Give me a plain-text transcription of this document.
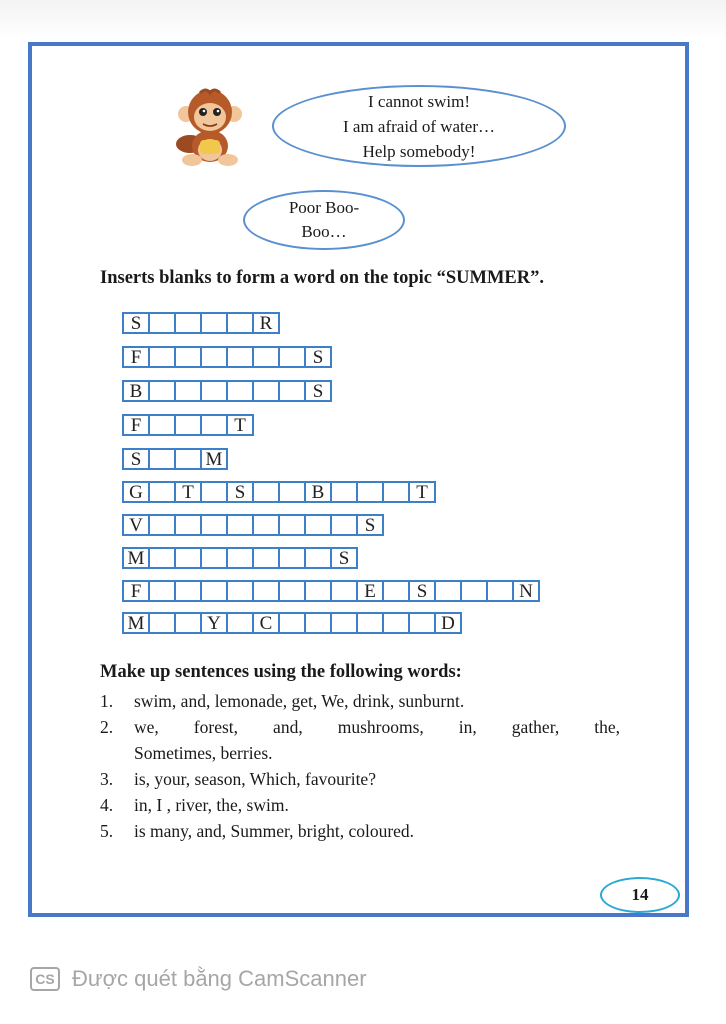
I cannot swim!
I am afraid of water…
Help somebody!
Poor Boo-
Boo…
Inserts blanks to form a word on the topic “SUMMER”.
S	R
F	S
B	S
F	T
S	M
G	T	S	B	T
V	S
M	S
F	E	S	N
M	Y	C	D
Make up sentences using the following words:
1.	swim, and, lemonade, get, We, drink, sunburnt.
2.	we, forest, and, mushrooms, in, gather, the,
Sometimes, berries.
3.	is, your, season, Which, favourite?
4.	in, I , river, the, swim.
5.	is many, and, Summer, bright, coloured.
14
CS Được quét bằng CamScanner
